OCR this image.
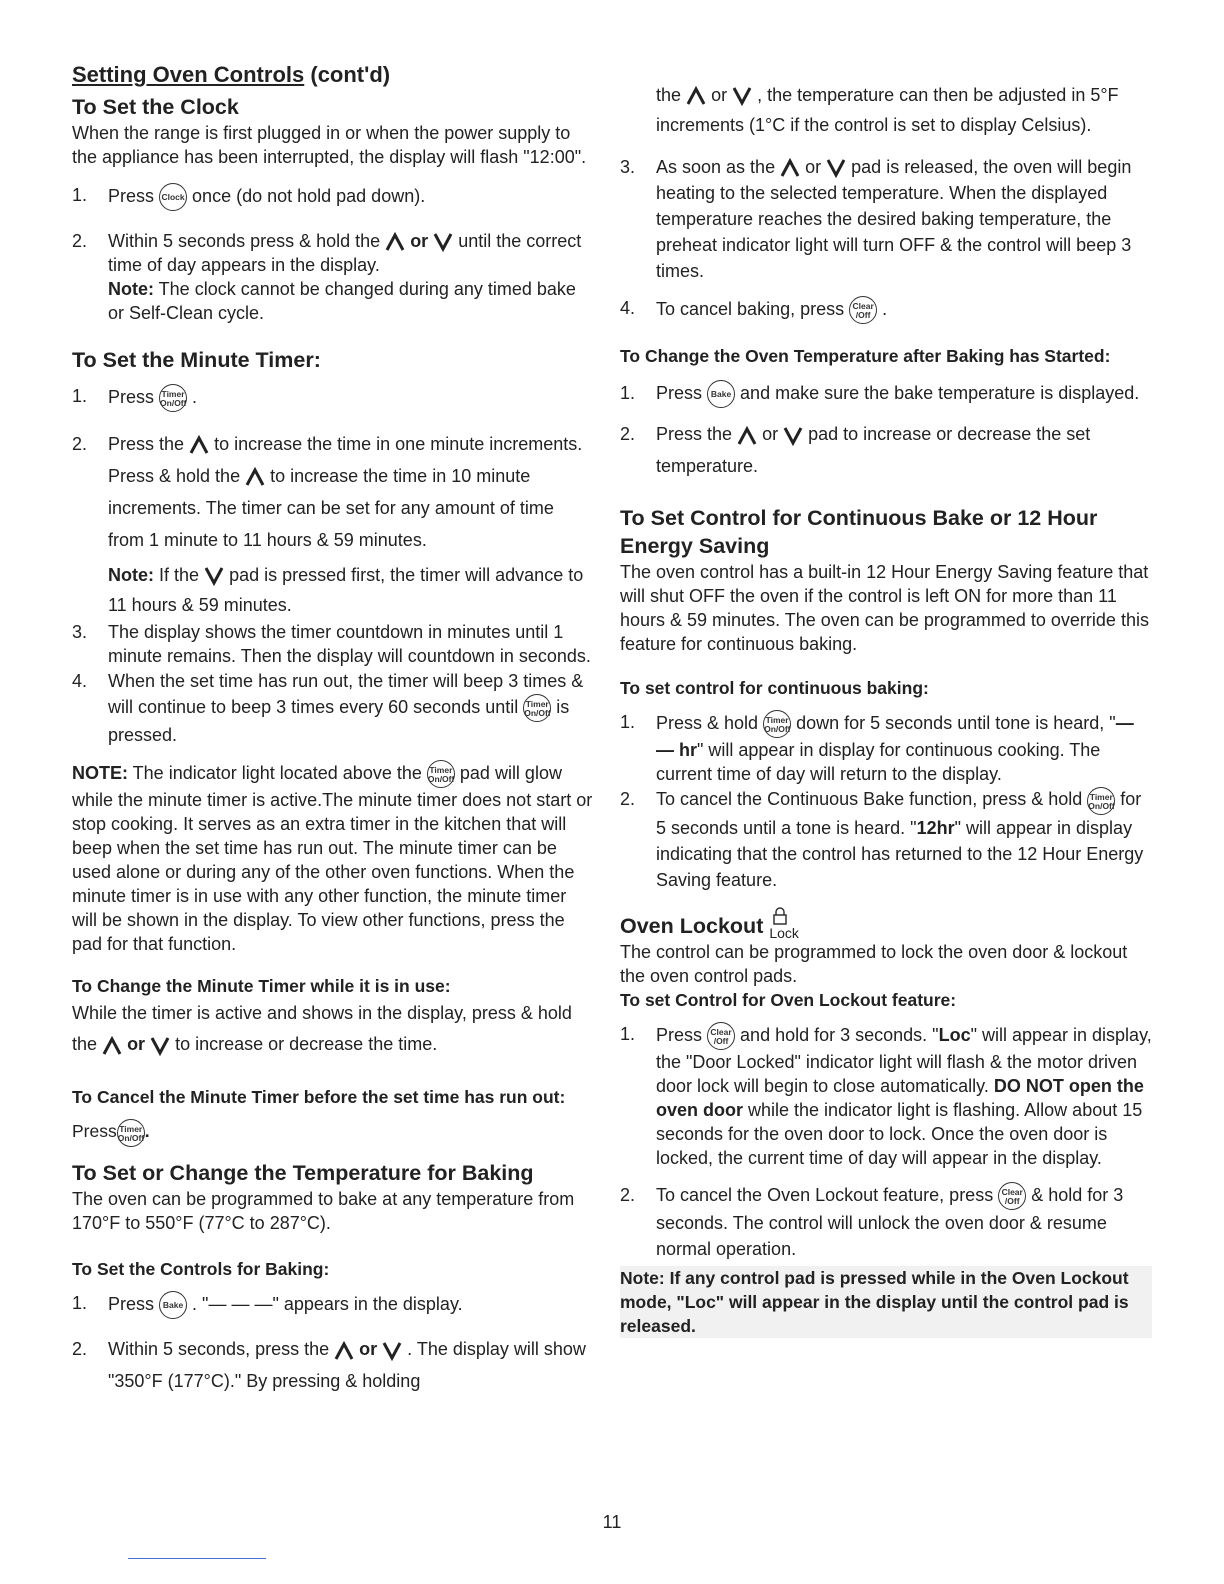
Setting Oven Controls (cont'd)
To Set the Clock

When the range is first plugged in or when the power supply to the appliance has been interrupted, the display will flash "12:00".

1. Press Clock once (do not hold pad down).
2. Within 5 seconds press & hold the or until the correct time of day appears in the display.
Note: The clock cannot be changed during any timed bake or Self-Clean cycle.
To Set the Minute Timer:
1. Press Timer
On/Off .
2. Press the to increase the time in one minute increments. Press & hold the to increase the time in 10 minute increments. The timer can be set for any amount of time from 1 minute to 11 hours & 59 minutes.
Note: If the pad is pressed first, the timer will advance to 11 hours & 59 minutes.
3. The display shows the timer countdown in minutes until 1 minute remains. Then the display will countdown in seconds.
4. When the set time has run out, the timer will beep 3 times & will continue to beep 3 times every 60 seconds until Timer
On/Off is pressed.

NOTE: The indicator light located above the Timer
On/Off pad will glow while the minute timer is active.The minute timer does not start or stop cooking. It serves as an extra timer in the kitchen that will beep when the set time has run out. The minute timer can be used alone or during any of the other oven functions. When the minute timer is in use with any other function, the minute timer will be shown in the display. To view other functions, press the pad for that function.

To Change the Minute Timer while it is in use:

While the timer is active and shows in the display, press & hold the or to increase or decrease the time.

To Cancel the Minute Timer before the set time has run out: Press Timer
On/Off.
To Set or Change the Temperature for Baking

The oven can be programmed to bake at any temperature from 170°F to 550°F (77°C to 287°C).

To Set the Controls for Baking:
1. Press Bake . "— — —" appears in the display.
2. Within 5 seconds, press the or . The display will show "350°F (177°C)." By pressing & holding
the or , the temperature can then be adjusted in 5°F increments (1°C if the control is set to display Celsius).
3. As soon as the or pad is released, the oven will begin heating to the selected temperature. When the displayed temperature reaches the desired baking temperature, the preheat indicator light will turn OFF & the control will beep 3 times.
4. To cancel baking, press Clear
/Off .
To Change the Oven Temperature after Baking has Started:
1. Press Bake and make sure the bake temperature is displayed.
2. Press the or pad to increase or decrease the set temperature.
To Set Control for Continuous Bake or 12 Hour Energy Saving

The oven control has a built-in 12 Hour Energy Saving feature that will shut OFF the oven if the control is left ON for more than 11 hours & 59 minutes. The oven can be programmed to override this feature for continuous baking.

To set control for continuous baking:
1. Press & hold Timer
On/Off down for 5 seconds until tone is heard, "— — hr" will appear in display for continuous cooking. The current time of day will return to the display.
2. To cancel the Continuous Bake function, press & hold Timer
On/Off for 5 seconds until a tone is heard. "12hr" will appear in display indicating that the control has returned to the 12 Hour Energy Saving feature.
Oven Lockout Lock

The control can be programmed to lock the oven door & lockout the oven control pads.

To set Control for Oven Lockout feature:
1. Press Clear
/Off and hold for 3 seconds. "Loc" will appear in display, the "Door Locked" indicator light will flash & the motor driven door lock will begin to close automatically. DO NOT open the oven door while the indicator light is flashing. Allow about 15 seconds for the oven door to lock. Once the oven door is locked, the current time of day will appear in the display.
2. To cancel the Oven Lockout feature, press Clear
/Off & hold for 3 seconds. The control will unlock the oven door & resume normal operation.

Note: If any control pad is pressed while in the Oven Lockout mode, "Loc" will appear in the display until the control pad is released.

11
